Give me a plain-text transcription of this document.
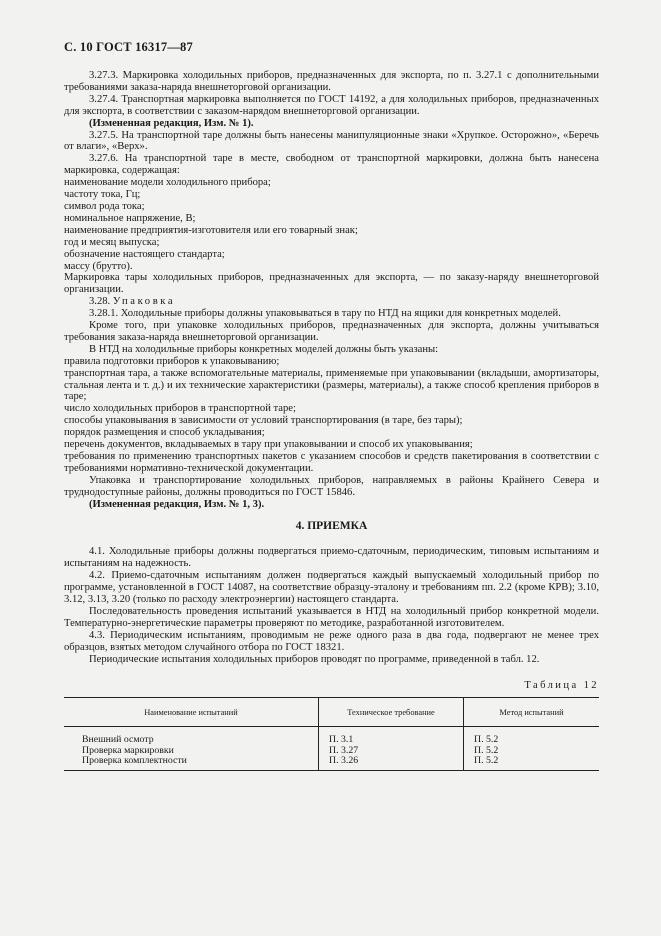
С. 10 ГОСТ 16317—87

3.27.3. Маркировка холодильных приборов, предназначенных для экспорта, по п. 3.27.1 с дополнительными требованиями заказа-наряда внешнеторговой организации.

3.27.4. Транспортная маркировка выполняется по ГОСТ 14192, а для холодильных приборов, предназначенных для экспорта, в соответствии с заказом-нарядом внешнеторговой организации.

(Измененная редакция, Изм. № 1).

3.27.5. На транспортной таре должны быть нанесены манипуляционные знаки «Хрупкое. Осторожно», «Беречь от влаги», «Верх».

3.27.6. На транспортной таре в месте, свободном от транспортной маркировки, должна быть нанесена маркировка, содержащая:

наименование модели холодильного прибора;

частоту тока, Гц;

символ рода тока;

номинальное напряжение, В;

наименование предприятия-изготовителя или его товарный знак;

год и месяц выпуска;

обозначение настоящего стандарта;

массу (брутто).

Маркировка тары холодильных приборов, предназначенных для экспорта, — по заказу-наряду внешнеторговой организации.

3.28. Упаковка

3.28.1. Холодильные приборы должны упаковываться в тару по НТД на ящики для конкретных моделей.

Кроме того, при упаковке холодильных приборов, предназначенных для экспорта, должны учитываться требования заказа-наряда внешнеторговой организации.

В НТД на холодильные приборы конкретных моделей должны быть указаны:

правила подготовки приборов к упаковыванию;

транспортная тара, а также вспомогательные материалы, применяемые при упаковывании (вкладыши, амортизаторы, стальная лента и т. д.) и их технические характеристики (размеры, материалы), а также способ крепления приборов в таре;

число холодильных приборов в транспортной таре;

способы упаковывания в зависимости от условий транспортирования (в таре, без тары);

порядок размещения и способ укладывания;

перечень документов, вкладываемых в тару при упаковывании и способ их упаковывания;

требования по применению транспортных пакетов с указанием способов и средств пакетирования в соответствии с требованиями нормативно-технической документации.

Упаковка и транспортирование холодильных приборов, направляемых в районы Крайнего Севера и труднодоступные районы, должны проводиться по ГОСТ 15846.

(Измененная редакция, Изм. № 1, 3).

4. ПРИЕМКА

4.1. Холодильные приборы должны подвергаться приемо-сдаточным, периодическим, типовым испытаниям и испытаниям на надежность.

4.2. Приемо-сдаточным испытаниям должен подвергаться каждый выпускаемый холодильный прибор по программе, установленной в ГОСТ 14087, на соответствие образцу-эталону и требованиям пп. 2.2 (кроме КРВ); 3.10, 3.12, 3.13, 3.20 (только по расходу электроэнергии) настоящего стандарта.

Последовательность проведения испытаний указывается в НТД на холодильный прибор конкретной модели. Температурно-энергетические параметры проверяют по методике, разработанной изготовителем.

4.3. Периодическим испытаниям, проводимым не реже одного раза в два года, подвергают не менее трех образцов, взятых методом случайного отбора по ГОСТ 18321.

Периодические испытания холодильных приборов проводят по программе, приведенной в табл. 12.

Таблица 12
Наименование испытаний	Техническое требование	Метод испытаний
Внешний осмотр	П. 3.1	П. 5.2
Проверка маркировки	П. 3.27	П. 5.2
Проверка комплектности	П. 3.26	П. 5.2
